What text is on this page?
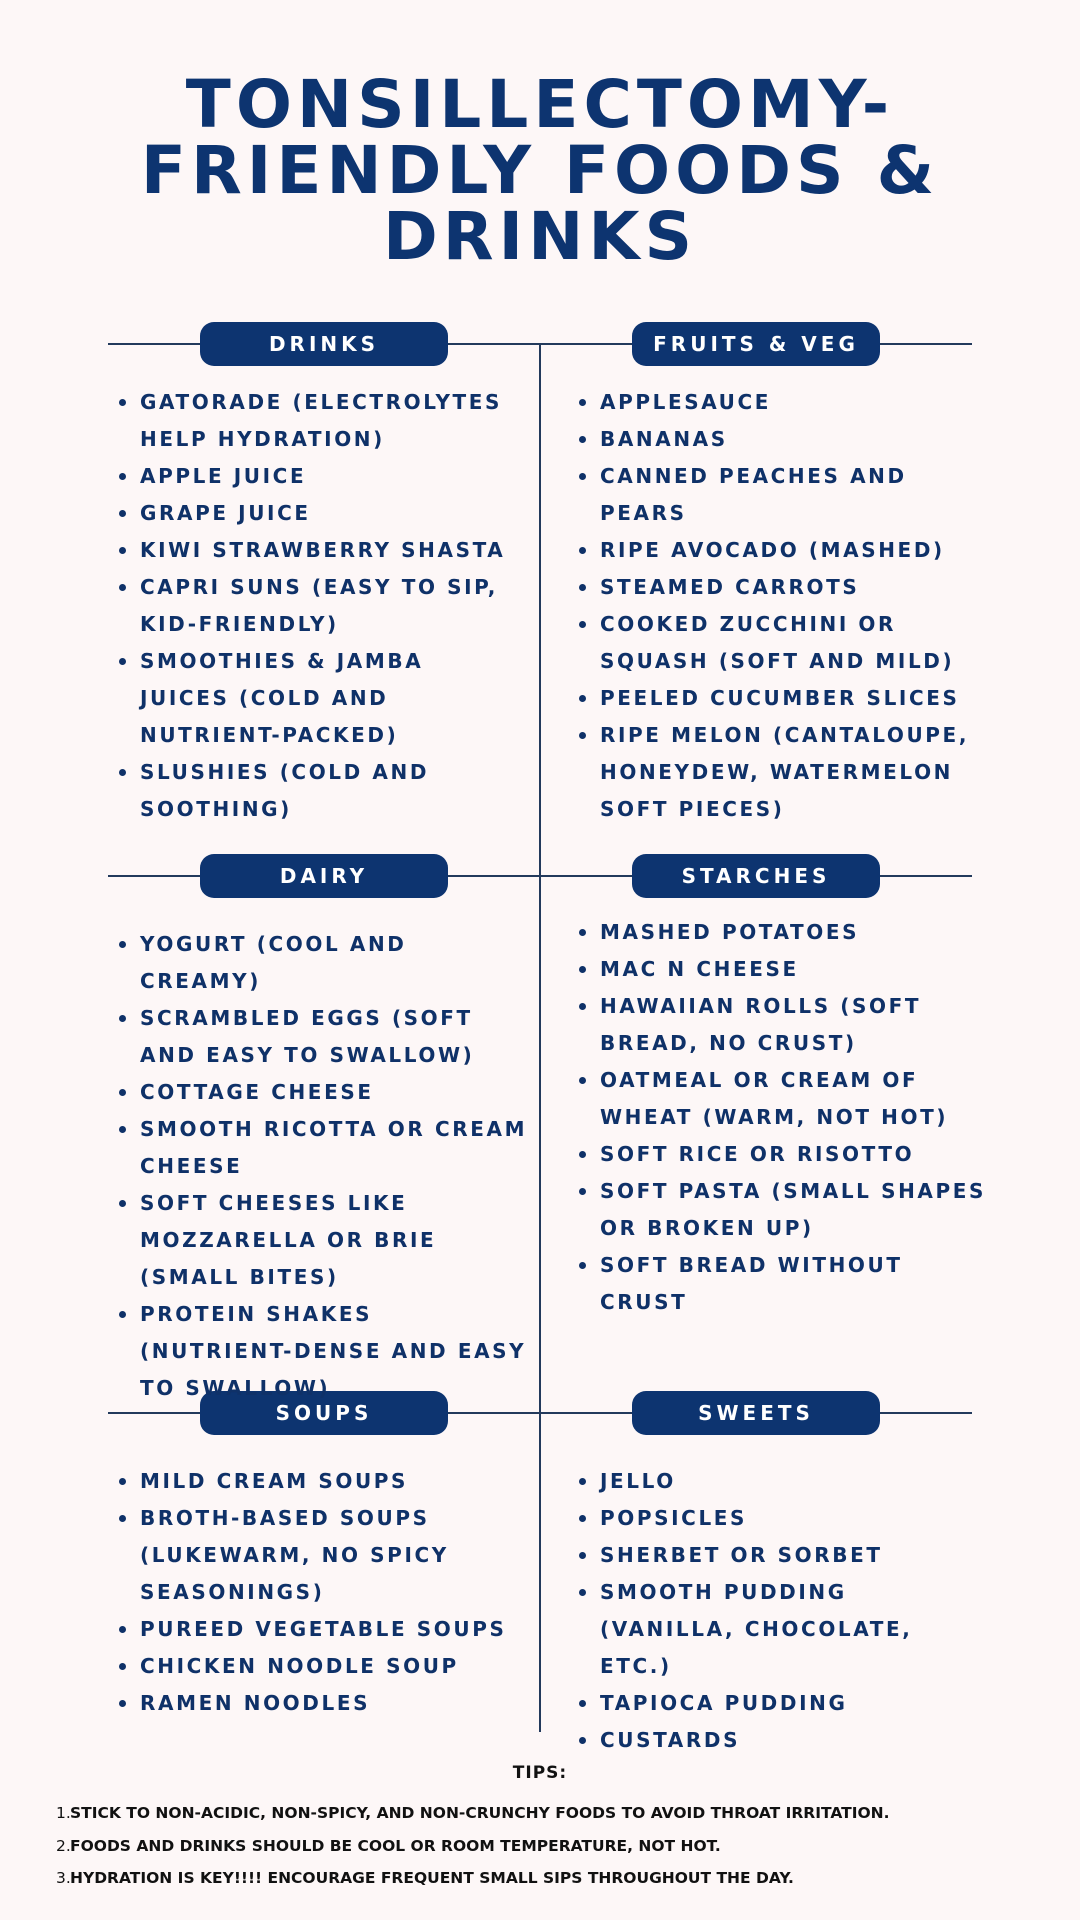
TONSILLECTOMY-
FRIENDLY FOODS &
DRINKS
DRINKS	FRUITS & VEG
DAIRY	STARCHES
SOUPS	SWEETS
GATORADE (ELECTROLYTES HELP HYDRATION)
APPLE JUICE
GRAPE JUICE
KIWI STRAWBERRY SHASTA
CAPRI SUNS (EASY TO SIP, KID-FRIENDLY)
SMOOTHIES & JAMBA JUICES (COLD AND NUTRIENT-PACKED)
SLUSHIES (COLD AND SOOTHING)
APPLESAUCE
BANANAS
CANNED PEACHES AND PEARS
RIPE AVOCADO (MASHED)
STEAMED CARROTS
COOKED ZUCCHINI OR SQUASH (SOFT AND MILD)
PEELED CUCUMBER SLICES
RIPE MELON (CANTALOUPE, HONEYDEW, WATERMELON SOFT PIECES)
YOGURT (COOL AND CREAMY)
SCRAMBLED EGGS (SOFT AND EASY TO SWALLOW)
COTTAGE CHEESE
SMOOTH RICOTTA OR CREAM CHEESE
SOFT CHEESES LIKE MOZZARELLA OR BRIE (SMALL BITES)
PROTEIN SHAKES (NUTRIENT-DENSE AND EASY TO SWALLOW)
MASHED POTATOES
MAC N CHEESE
HAWAIIAN ROLLS (SOFT BREAD, NO CRUST)
OATMEAL OR CREAM OF WHEAT (WARM, NOT HOT)
SOFT RICE OR RISOTTO
SOFT PASTA (SMALL SHAPES OR BROKEN UP)
SOFT BREAD WITHOUT CRUST
MILD CREAM SOUPS
BROTH-BASED SOUPS (LUKEWARM, NO SPICY SEASONINGS)
PUREED VEGETABLE SOUPS
CHICKEN NOODLE SOUP
RAMEN NOODLES
JELLO
POPSICLES
SHERBET OR SORBET
SMOOTH PUDDING (VANILLA, CHOCOLATE, ETC.)
TAPIOCA PUDDING
CUSTARDS
TIPS:
1.STICK TO NON-ACIDIC, NON-SPICY, AND NON-CRUNCHY FOODS TO AVOID THROAT IRRITATION.
2.FOODS AND DRINKS SHOULD BE COOL OR ROOM TEMPERATURE, NOT HOT.
3.HYDRATION IS KEY!!!! ENCOURAGE FREQUENT SMALL SIPS THROUGHOUT THE DAY.
